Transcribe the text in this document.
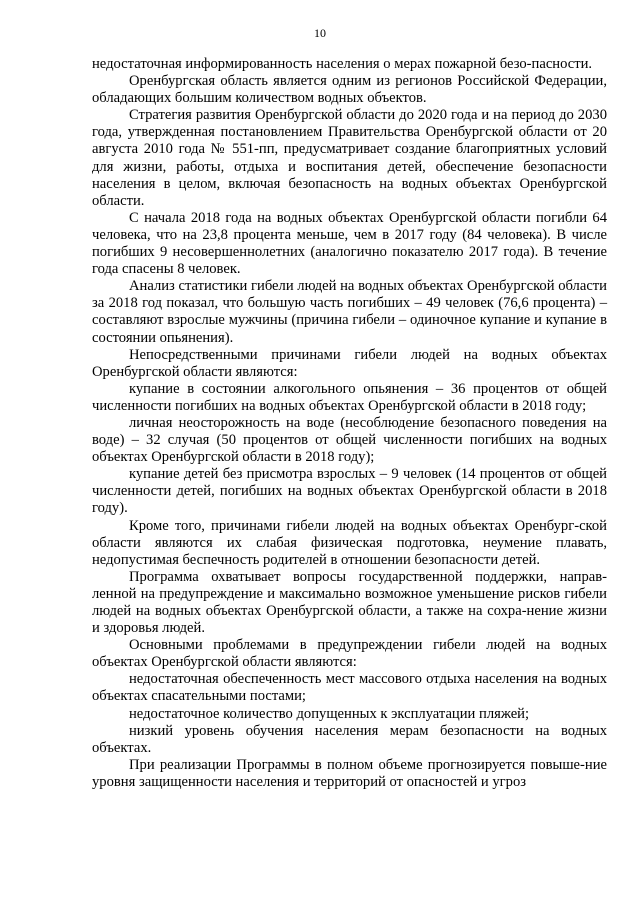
10

недостаточная информированность населения о мерах пожарной безо-пасности.

Оренбургская область является одним из регионов Российской Федерации, обладающих большим количеством водных объектов.

Стратегия развития Оренбургской области до 2020 года и на период до 2030 года, утвержденная постановлением Правительства Оренбургской области от 20 августа 2010 года № 551-пп, предусматривает создание благоприятных условий для жизни, работы, отдыха и воспитания детей, обеспечение безопасности населения в целом, включая безопасность на водных объектах Оренбургской области.

С начала 2018 года на водных объектах Оренбургской области погибли 64 человека, что на 23,8 процента меньше, чем в 2017 году (84 человека). В числе погибших 9 несовершеннолетних (аналогично показателю 2017 года). В течение года спасены 8 человек.

Анализ статистики гибели людей на водных объектах Оренбургской области за 2018 год показал, что большую часть погибших – 49 человек (76,6 процента) – составляют взрослые мужчины (причина гибели – одиночное купание и купание в состоянии опьянения).

Непосредственными причинами гибели людей на водных объектах Оренбургской области являются:

купание в состоянии алкогольного опьянения – 36 процентов от общей численности погибших на водных объектах Оренбургской области в 2018 году;

личная неосторожность на воде (несоблюдение безопасного поведения на воде) – 32 случая (50 процентов от общей численности погибших на водных объектах Оренбургской области в 2018 году);

купание детей без присмотра взрослых – 9 человек (14 процентов от общей численности детей, погибших на водных объектах Оренбургской области в 2018 году).

Кроме того, причинами гибели людей на водных объектах Оренбург-ской области являются их слабая физическая подготовка, неумение плавать, недопустимая беспечность родителей в отношении безопасности детей.

Программа охватывает вопросы государственной поддержки, направ-ленной на предупреждение и максимально возможное уменьшение рисков гибели людей на водных объектах Оренбургской области, а также на сохра-нение жизни и здоровья людей.

Основными проблемами в предупреждении гибели людей на водных объектах Оренбургской области являются:

недостаточная обеспеченность мест массового отдыха населения на водных объектах спасательными постами;

недостаточное количество допущенных к эксплуатации пляжей;

низкий уровень обучения населения мерам безопасности на водных объектах.

При реализации Программы в полном объеме прогнозируется повыше-ние уровня защищенности населения и территорий от опасностей и угроз
